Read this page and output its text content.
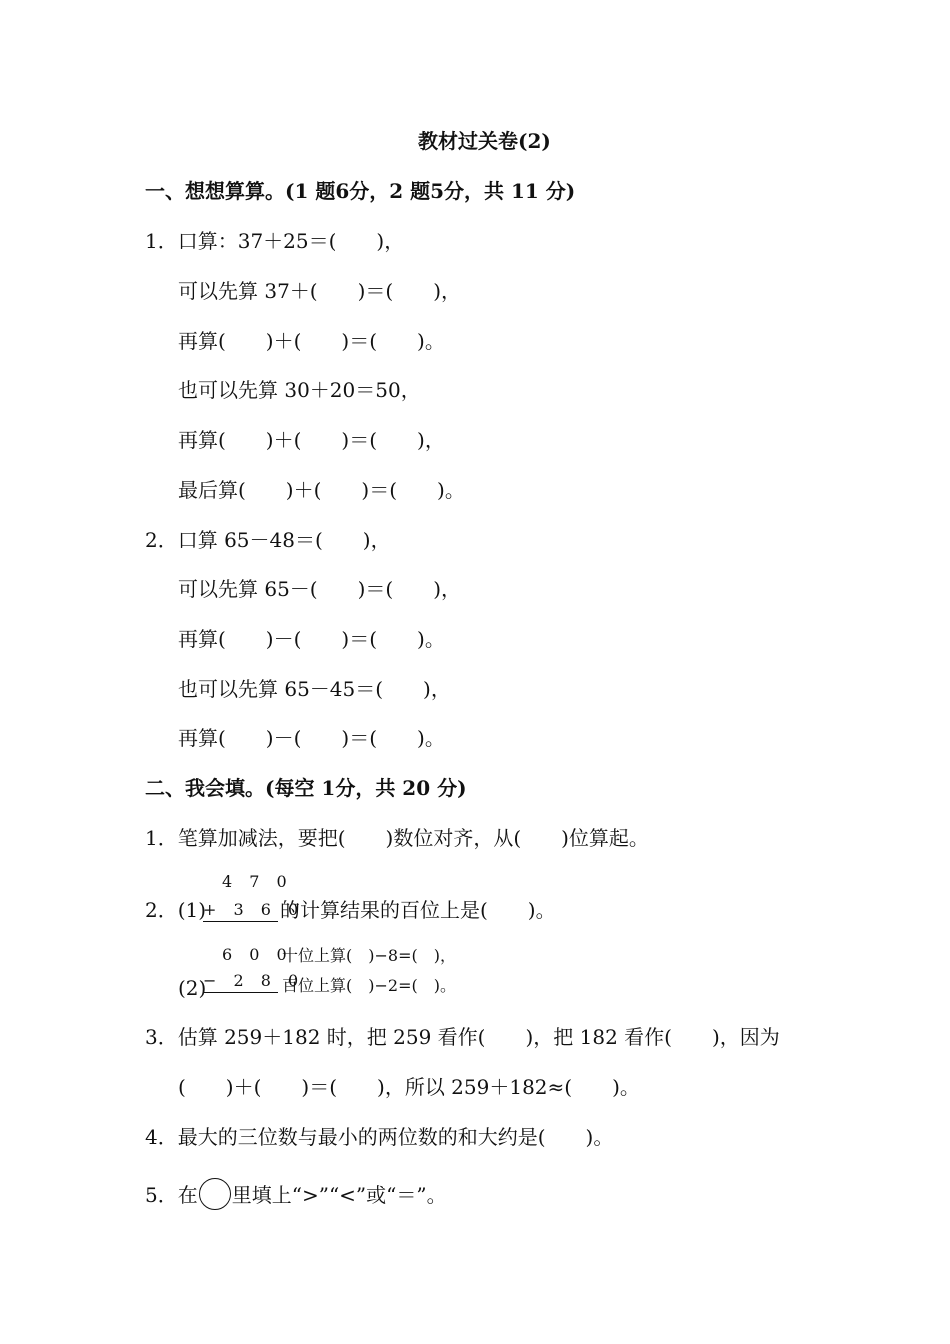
教材过关卷(2)
一、想想算算。(1 题6分，2 题5分，共 11 分)
1．口算：37＋25＝(　　)，
可以先算 37＋(　　)＝(　　)，
再算(　　)＋(　　)＝(　　)。
也可以先算 30＋20＝50，
再算(　　)＋(　　)＝(　　)，
最后算(　　)＋(　　)＝(　　)。
2．口算 65－48＝(　　)，
可以先算 65－(　　)＝(　　)，
再算(　　)－(　　)＝(　　)。
也可以先算 65－45＝(　　)，
再算(　　)－(　　)＝(　　)。
二、我会填。(每空 1分，共 20 分)
1．笔算加减法，要把(　　)数位对齐，从(　　)位算起。
4 7 0
2．(1)
+ 3 6 0
的计算结果的百位上是(　　)。
6 0 0
十位上算(　)−8=(　)，
(2)
− 2 8 0
百位上算(　)−2=(　)。
3．估算 259＋182 时，把 259 看作(　　)，把 182 看作(　　)，因为
(　　)＋(　　)＝(　　)，所以 259＋182≈(　　)。
4．最大的三位数与最小的两位数的和大约是(　　)。
5．在 里填上“>”“<”或“＝”。
